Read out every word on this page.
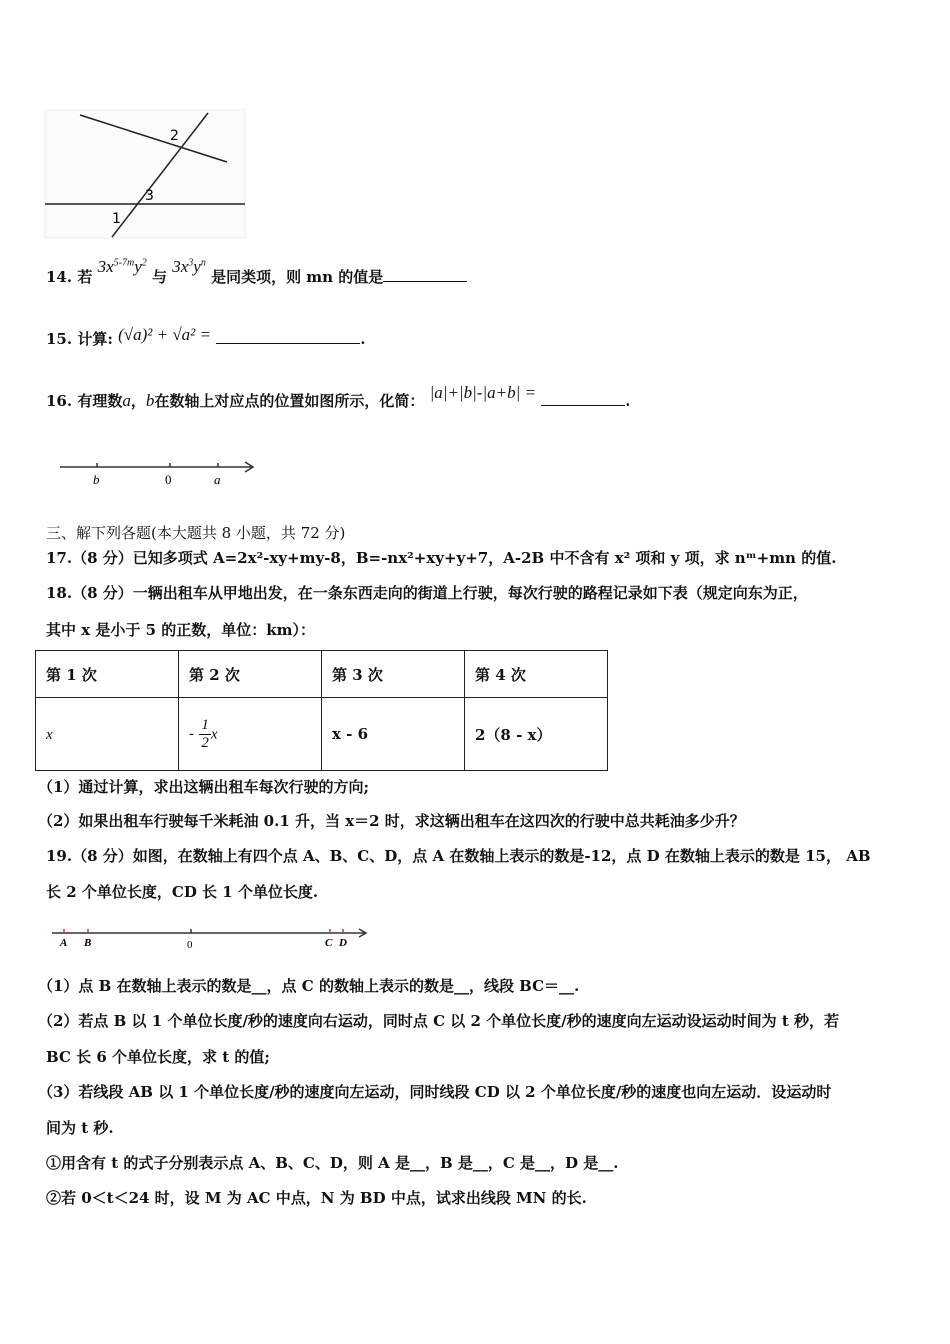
2
3
1
14. 若 $3x^{5-7m}y^2$ 与 $3x^3y^n$ 是同类项，则 mn 的值是
15. 计算: (√a)² + √a² =	.
16. 有理数a，b在数轴上对应点的位置如图所示，化简： |a|+|b|-|a+b| =	.
b	0	a
三、解下列各题(本大题共 8 小题，共 72 分)
17.（8 分）已知多项式 A=2x²-xy+my-8，B=-nx²+xy+y+7，A-2B 中不含有 x² 项和 y 项，求 nᵐ+mn 的值.
18.（8 分）一辆出租车从甲地出发，在一条东西走向的街道上行驶，每次行驶的路程记录如下表（规定向东为正，
其中 x 是小于 5 的正数，单位：km）：
第 1 次	第 2 次	第 3 次	第 4 次
x	- $\frac{1}{2}$ x	x - 6	2（8 - x）
（1）通过计算，求出这辆出租车每次行驶的方向;
（2）如果出租车行驶每千米耗油 0.1 升，当 x＝2 时，求这辆出租车在这四次的行驶中总共耗油多少升？
19.（8 分）如图，在数轴上有四个点 A、B、C、D，点 A 在数轴上表示的数是-12，点 D 在数轴上表示的数是 15， AB
长 2 个单位长度，CD 长 1 个单位长度.
A B	0	C D
（1）点 B 在数轴上表示的数是__，点 C 的数轴上表示的数是__，线段 BC＝__.
（2）若点 B 以 1 个单位长度/秒的速度向右运动，同时点 C 以 2 个单位长度/秒的速度向左运动设运动时间为 t 秒，若
BC 长 6 个单位长度，求 t 的值;
（3）若线段 AB 以 1 个单位长度/秒的速度向左运动，同时线段 CD 以 2 个单位长度/秒的速度也向左运动．设运动时
间为 t 秒.
①用含有 t 的式子分别表示点 A、B、C、D，则 A 是__，B 是__，C 是__，D 是__.
②若 0＜t＜24 时，设 M 为 AC 中点，N 为 BD 中点，试求出线段 MN 的长.
